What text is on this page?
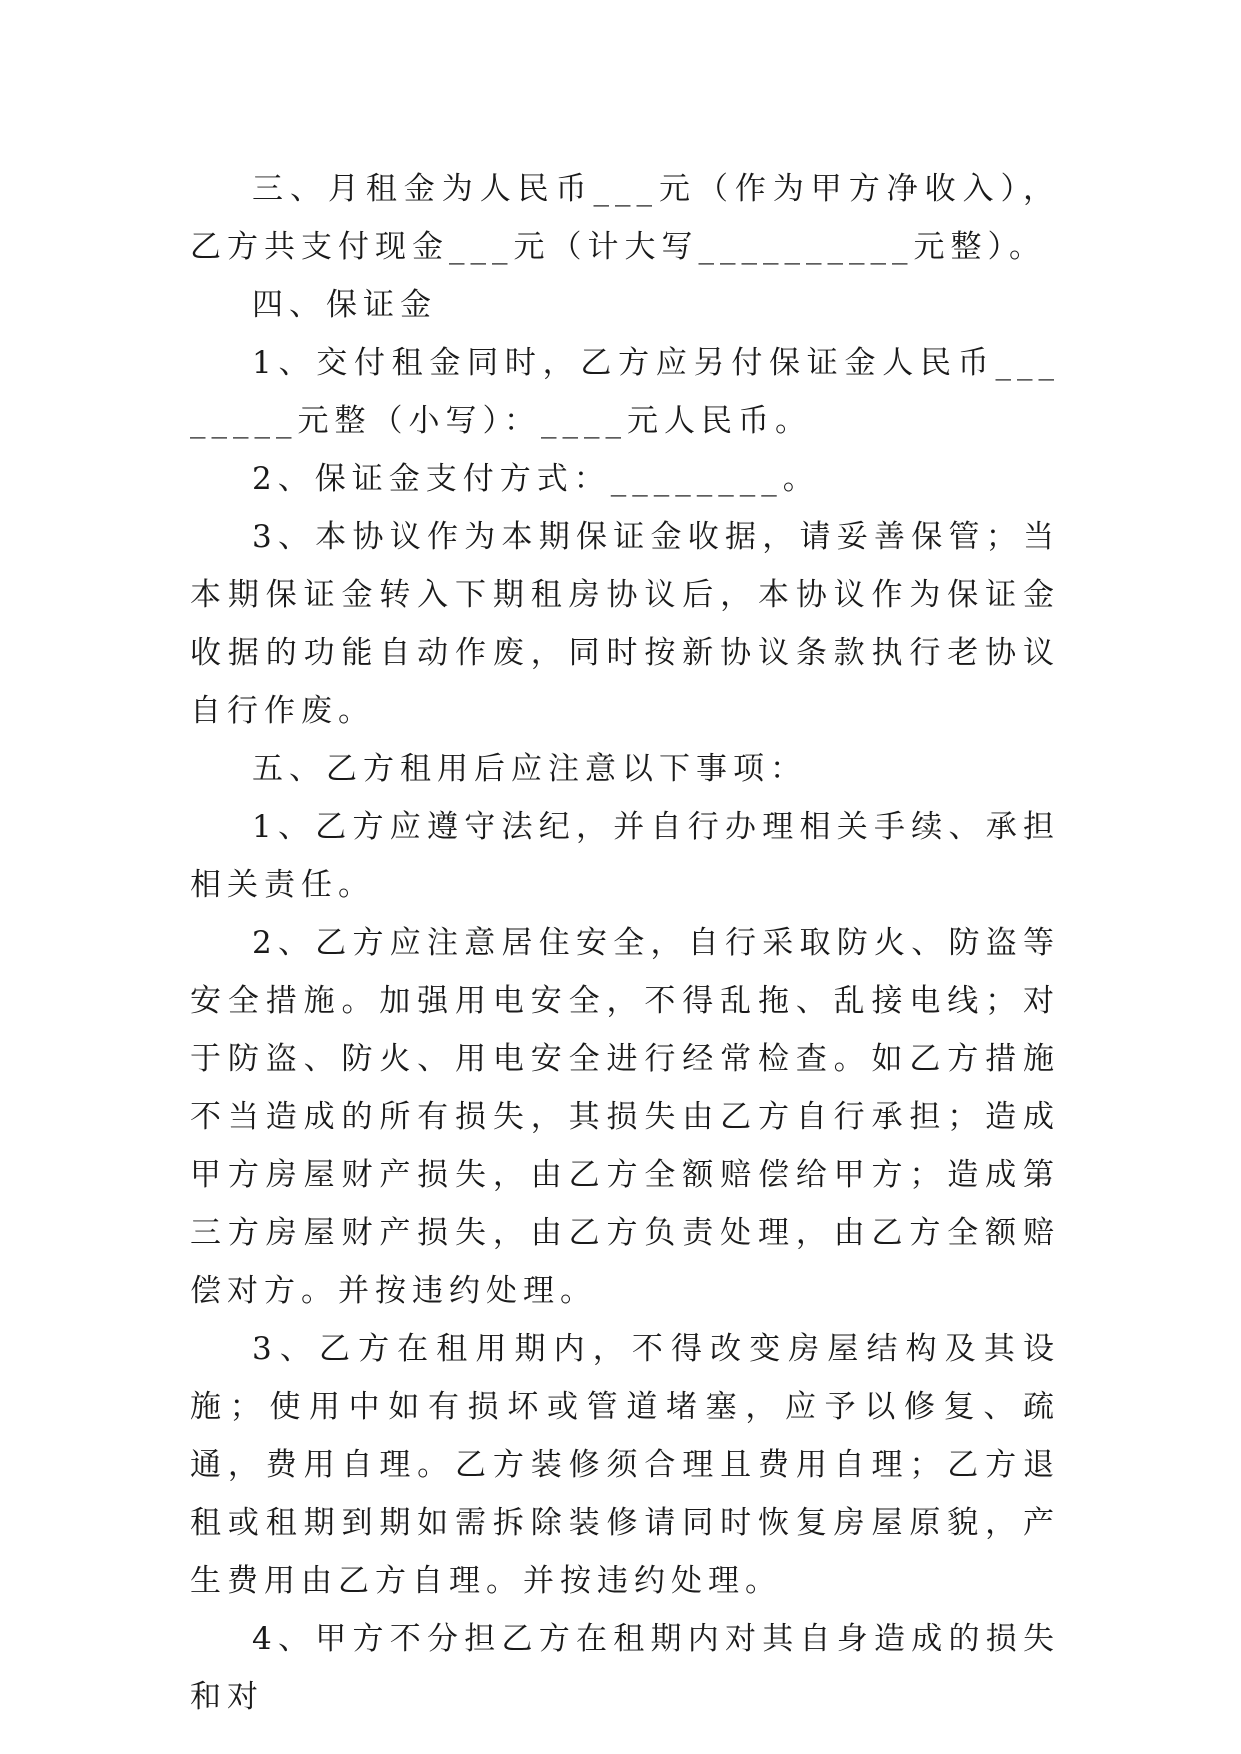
三、月租金为人民币___元（作为甲方净收入），乙方共支付现金___元（计大写__________元整）。

四、保证金

1、交付租金同时，乙方应另付保证金人民币________元整（小写）：____元人民币。

2、保证金支付方式：________。

3、本协议作为本期保证金收据，请妥善保管；当本期保证金转入下期租房协议后，本协议作为保证金收据的功能自动作废，同时按新协议条款执行老协议自行作废。

五、乙方租用后应注意以下事项：

1、乙方应遵守法纪，并自行办理相关手续、承担相关责任。

2、乙方应注意居住安全，自行采取防火、防盗等安全措施。加强用电安全，不得乱拖、乱接电线；对于防盗、防火、用电安全进行经常检查。如乙方措施不当造成的所有损失，其损失由乙方自行承担；造成甲方房屋财产损失，由乙方全额赔偿给甲方；造成第三方房屋财产损失，由乙方负责处理，由乙方全额赔偿对方。并按违约处理。

3、乙方在租用期内，不得改变房屋结构及其设施；使用中如有损坏或管道堵塞，应予以修复、疏通，费用自理。乙方装修须合理且费用自理；乙方退租或租期到期如需拆除装修请同时恢复房屋原貌，产生费用由乙方自理。并按违约处理。

4、甲方不分担乙方在租期内对其自身造成的损失和对
